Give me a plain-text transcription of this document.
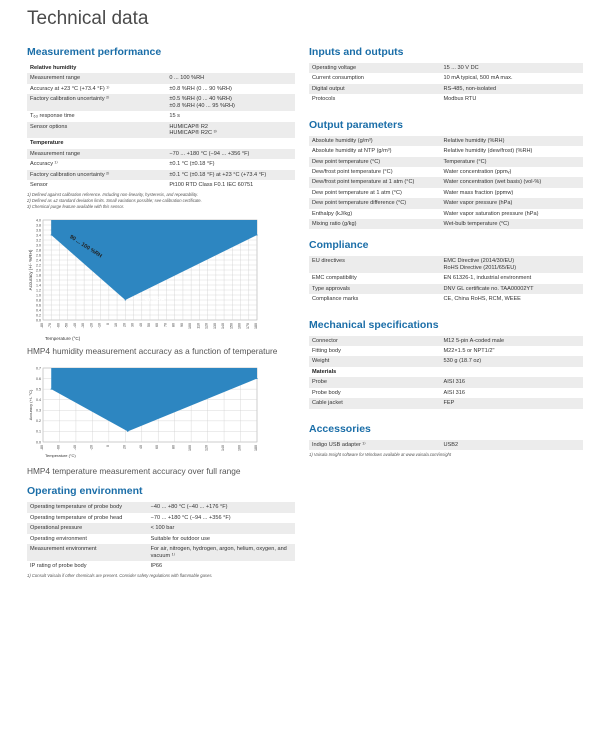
Technical data
Measurement performance
Relative humidity	
Measurement range	0 ... 100 %RH
Accuracy at +23 °C (+73.4 °F) ¹⁾	±0.8 %RH (0 ... 90 %RH)
Factory calibration uncertainty ²⁾	±0.5 %RH (0 ... 40 %RH)
±0.8 %RH (40 ... 95 %RH)
T₆₃ response time	15 s
Sensor options	HUMICAP® R2
HUMICAP® R2C ³⁾
Temperature	
Measurement range	−70 ... +180 °C (−94 ... +356 °F)
Accuracy ¹⁾	±0.1 °C (±0.18 °F)
Factory calibration uncertainty ²⁾	±0.1 °C (±0.18 °F) at +23 °C (+73.4 °F)
Sensor	Pt100 RTD Class F0.1 IEC 60751
1) Defined against calibration reference. Including non-linearity, hysteresis, and repeatability.
2) Defined as ±2 standard deviation limits. Small variations possible; see calibration certificate.
3) Chemical purge feature available with this sensor.
0.0
0.2
0.4
0.6
0.8
1.0
1.2
1.4
1.6
1.8
2.0
2.2
2.4
2.6
2.8
3.0
3.2
3.4
3.6
3.8
4.0
-80 -70 -60 -50 -40 -30 -20 -10 0 10 20 30 40 50 60 70 80 90 100 110 120 130 140 150 160 170 180
Temperature (°C)
Accuracy (+/- %RH)
90 ... 100 %RH
0 ... 90 %RH
HMP4 humidity measurement accuracy as a function of temperature
0.0
0.1
0.2
0.3
0.4
0.5
0.6
0.7
-80	-60	-40	-20	0	20	40	60	80	100	120	140	160	180
Temperature (°C)
Accuracy (+/- °C)
HMP4 temperature measurement accuracy over full range
Operating environment
Operating temperature of probe body	−40 ... +80 °C (−40 ... +176 °F)
Operating temperature of probe head	−70 ... +180 °C (−94 ... +356 °F)
Operational pressure	< 100 bar
Operating environment	Suitable for outdoor use
Measurement environment	For air, nitrogen, hydrogen, argon, helium, oxygen, and vacuum ¹⁾
IP rating of probe body	IP66
1) Consult Vaisala if other chemicals are present. Consider safety regulations with flammable gases.
Inputs and outputs
Operating voltage	15 ... 30 V DC
Current consumption	10 mA typical, 500 mA max.
Digital output	RS-485, non-isolated
Protocols	Modbus RTU
Output parameters
Absolute humidity (g/m³)	Relative humidity (%RH)
Absolute humidity at NTP (g/m³)	Relative humidity (dew/frost) (%RH)
Dew point temperature (°C)	Temperature (°C)
Dew/frost point temperature (°C)	Water concentration (ppmᵥ)
Dew/frost point temperature at 1 atm (°C)	Water concentration (wet basis) (vol-%)
Dew point temperature at 1 atm (°C)	Water mass fraction (ppmw)
Dew point temperature difference (°C)	Water vapor pressure (hPa)
Enthalpy (kJ/kg)	Water vapor saturation pressure (hPa)
Mixing ratio (g/kg)	Wet-bulb temperature (°C)
Compliance
EU directives	EMC Directive (2014/30/EU)
RoHS Directive (2011/65/EU)
EMC compatibility	EN 61326-1, industrial environment
Type approvals	DNV GL certificate no. TAA00002YT
Compliance marks	CE, China RoHS, RCM, WEEE
Mechanical specifications
Connector	M12 5-pin A-coded male
Fitting body	M22×1.5 or NPT1/2"
Weight	530 g (18.7 oz)
Materials	
Probe	AISI 316
Probe body	AISI 316
Cable jacket	FEP
Accessories
Indigo USB adapter ¹⁾	USB2
1) Vaisala Insight software for Windows available at www.vaisala.com/insight
